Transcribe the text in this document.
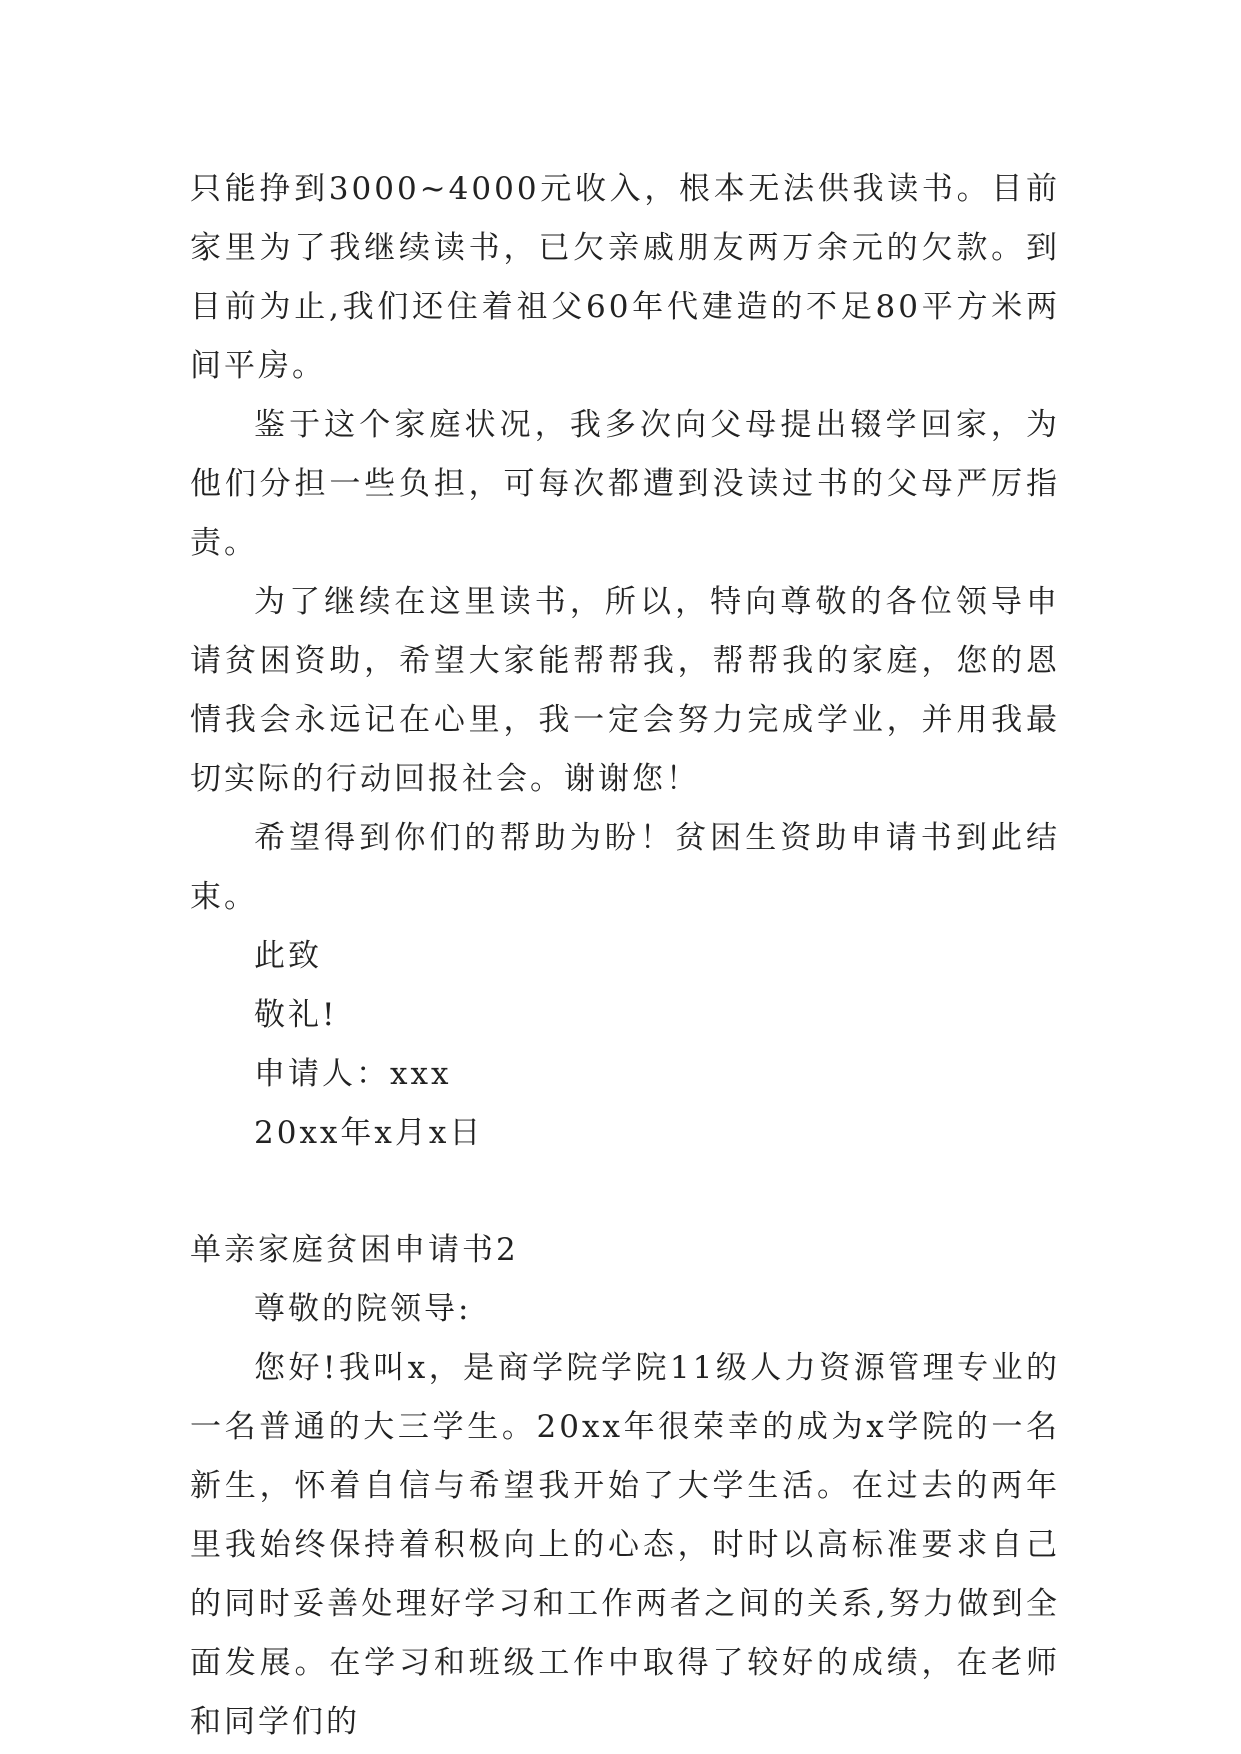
只能挣到3000~4000元收入，根本无法供我读书。目前家里为了我继续读书，已欠亲戚朋友两万余元的欠款。到目前为止,我们还住着祖父60年代建造的不足80平方米两间平房。

鉴于这个家庭状况，我多次向父母提出辍学回家，为他们分担一些负担，可每次都遭到没读过书的父母严厉指责。

为了继续在这里读书，所以，特向尊敬的各位领导申请贫困资助，希望大家能帮帮我，帮帮我的家庭，您的恩情我会永远记在心里，我一定会努力完成学业，并用我最切实际的行动回报社会。谢谢您！

希望得到你们的帮助为盼！贫困生资助申请书到此结束。

此致

敬礼!

申请人：xxx

20xx年x月x日

单亲家庭贫困申请书2

尊敬的院领导:

您好!我叫x，是商学院学院11级人力资源管理专业的一名普通的大三学生。20xx年很荣幸的成为x学院的一名新生，怀着自信与希望我开始了大学生活。在过去的两年里我始终保持着积极向上的心态，时时以高标准要求自己的同时妥善处理好学习和工作两者之间的关系,努力做到全面发展。在学习和班级工作中取得了较好的成绩，在老师和同学们的
